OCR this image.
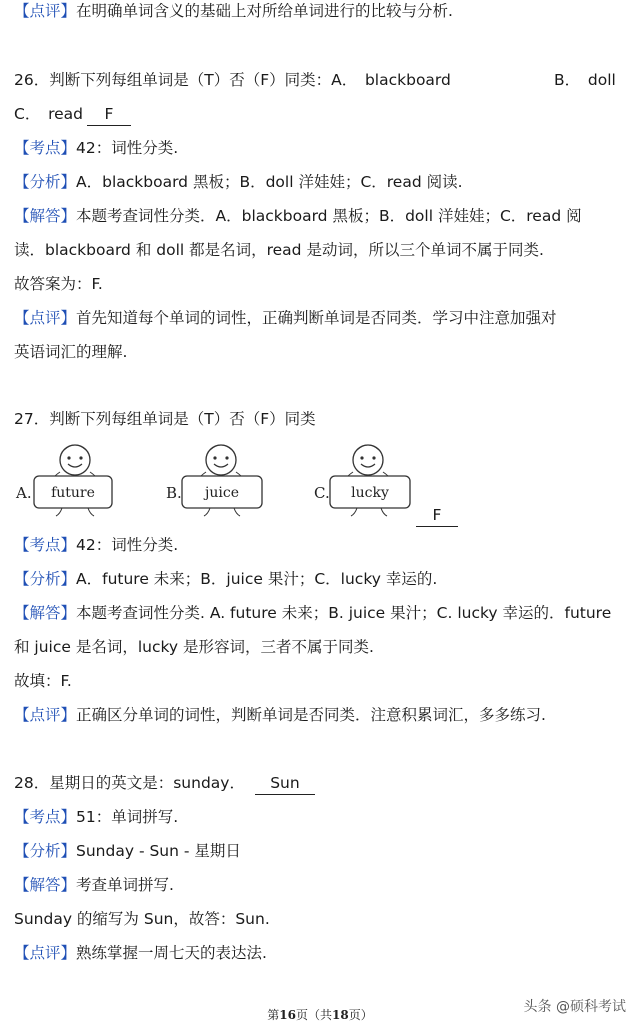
【点评】在明确单词含义的基础上对所给单词进行的比较与分析.
26．判断下列每组单词是（T）否（F）同类：A．　blackboard	B．　doll
C．　read F
【考点】42：词性分类.
【分析】A．blackboard 黑板；B．doll 洋娃娃；C．read 阅读.
【解答】本题考查词性分类．A．blackboard 黑板；B．doll 洋娃娃；C．read 阅
读．blackboard 和 doll 都是名词，read 是动词，所以三个单词不属于同类.
故答案为：F.
【点评】首先知道每个单词的词性，正确判断单词是否同类．学习中注意加强对
英语词汇的理解.
27．判断下列每组单词是（T）否（F）同类
A. future	B. juice	C. lucky
F
【考点】42：词性分类.
【分析】A．future 未来；B．juice 果汁；C．lucky 幸运的.
【解答】本题考查词性分类. A. future 未来；B. juice 果汁；C. lucky 幸运的．future
和 juice 是名词，lucky 是形容词，三者不属于同类.
故填：F.
【点评】正确区分单词的词性，判断单词是否同类．注意积累词汇，多多练习.
28．星期日的英文是：sunday． Sun
【考点】51：单词拼写.
【分析】Sunday - Sun - 星期日
【解答】考查单词拼写.
Sunday 的缩写为 Sun，故答：Sun.
【点评】熟练掌握一周七天的表达法.
第16页（共18页）	头条 @硕科考试
